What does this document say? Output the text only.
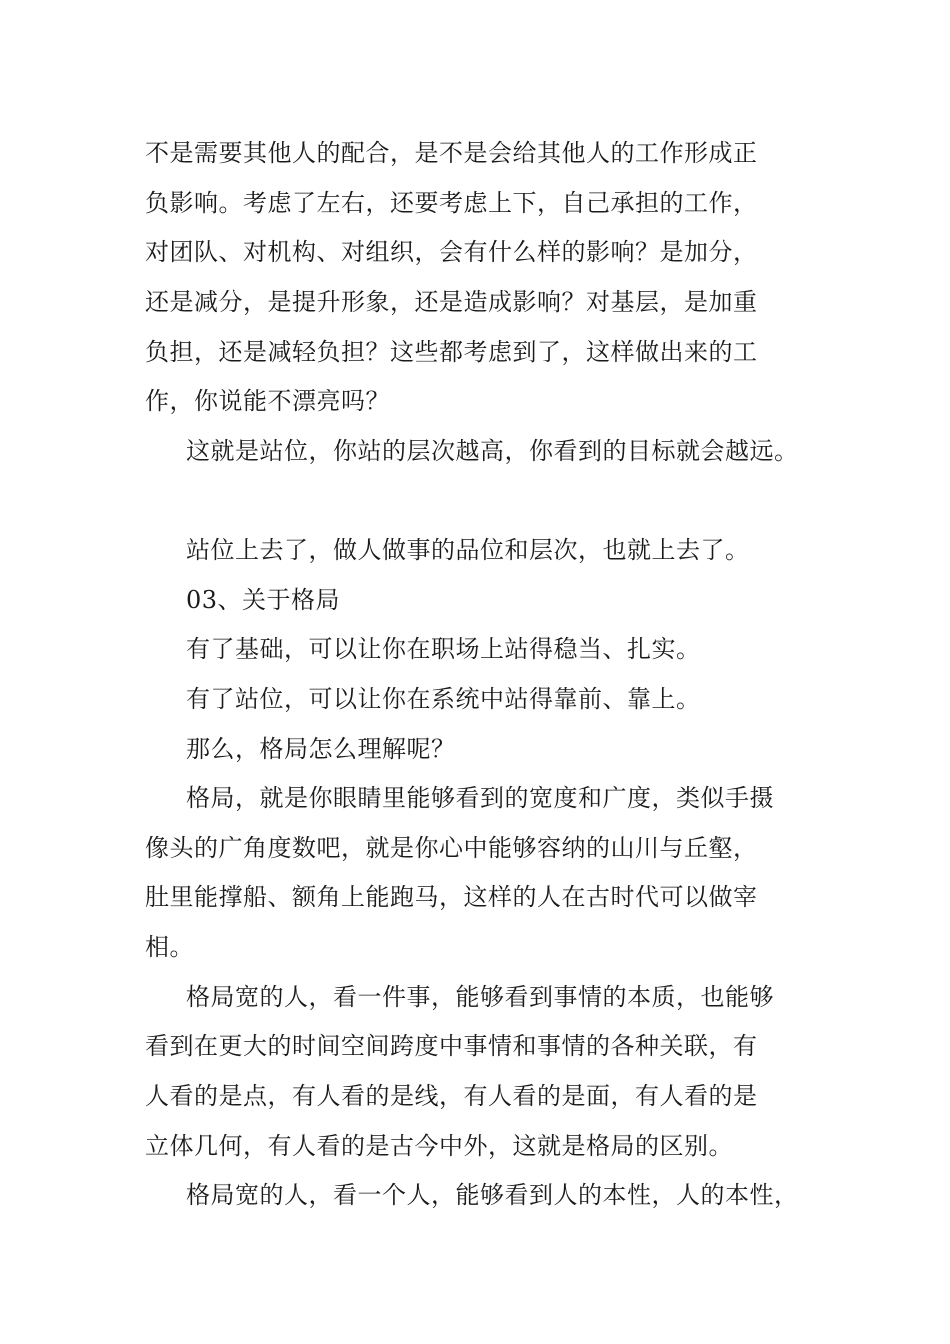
不是需要其他人的配合，是不是会给其他人的工作形成正
负影响。考虑了左右，还要考虑上下，自己承担的工作，
对团队、对机构、对组织，会有什么样的影响？是加分，
还是减分，是提升形象，还是造成影响？对基层，是加重
负担，还是减轻负担？这些都考虑到了，这样做出来的工
作，你说能不漂亮吗？
这就是站位，你站的层次越高，你看到的目标就会越远。
站位上去了，做人做事的品位和层次，也就上去了。
03、关于格局
有了基础，可以让你在职场上站得稳当、扎实。
有了站位，可以让你在系统中站得靠前、靠上。
那么，格局怎么理解呢？
格局，就是你眼睛里能够看到的宽度和广度，类似手摄
像头的广角度数吧，就是你心中能够容纳的山川与丘壑，
肚里能撑船、额角上能跑马，这样的人在古时代可以做宰
相。
格局宽的人，看一件事，能够看到事情的本质，也能够
看到在更大的时间空间跨度中事情和事情的各种关联，有
人看的是点，有人看的是线，有人看的是面，有人看的是
立体几何，有人看的是古今中外，这就是格局的区别。
格局宽的人，看一个人，能够看到人的本性，人的本性，
